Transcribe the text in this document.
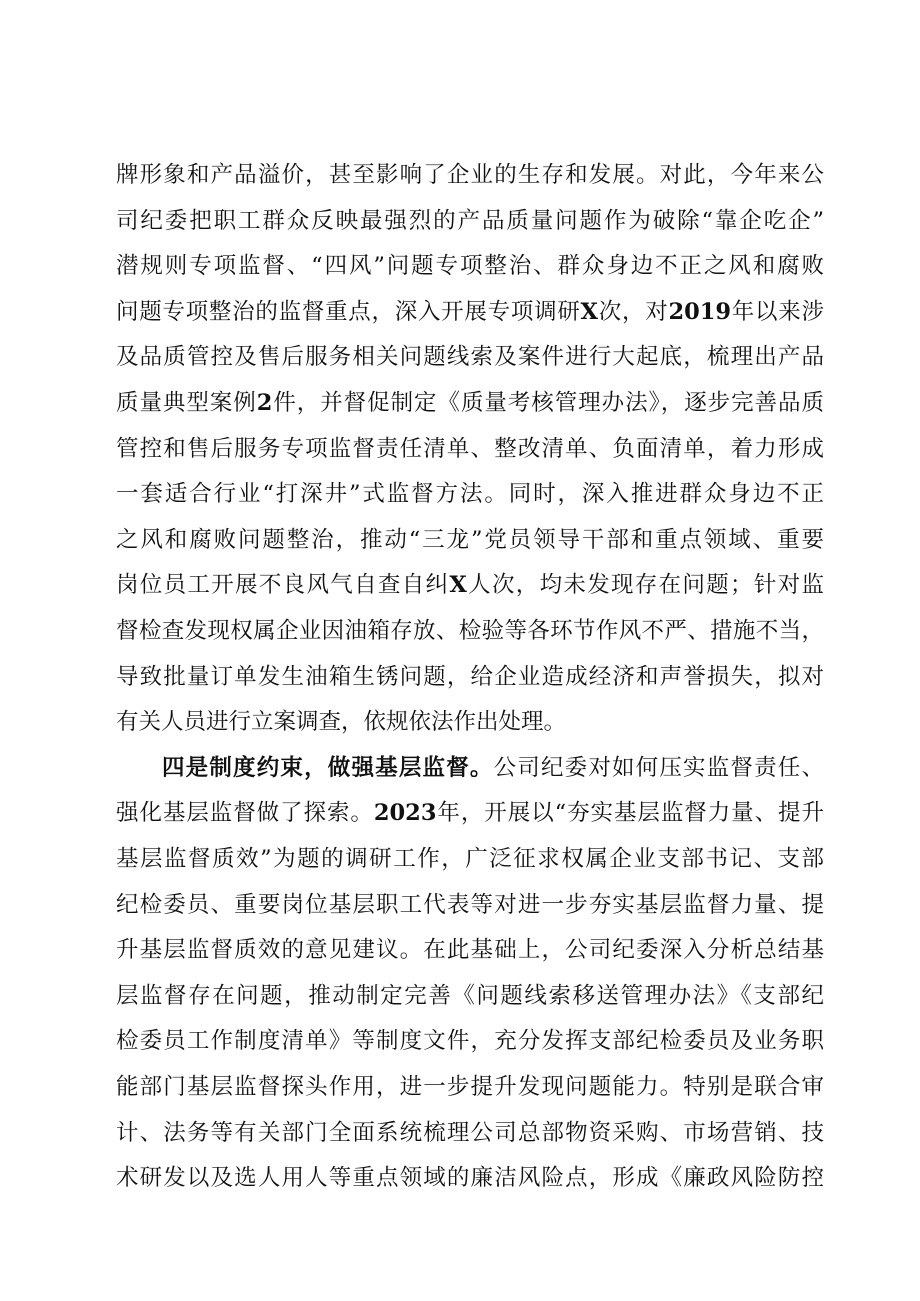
牌形象和产品溢价，甚至影响了企业的生存和发展。对此，今年来公
司纪委把职工群众反映最强烈的产品质量问题作为破除“靠企吃企”
潜规则专项监督、“四风”问题专项整治、群众身边不正之风和腐败
问题专项整治的监督重点，深入开展专项调研X次，对2019年以来涉
及品质管控及售后服务相关问题线索及案件进行大起底，梳理出产品
质量典型案例2件，并督促制定《质量考核管理办法》，逐步完善品质
管控和售后服务专项监督责任清单、整改清单、负面清单，着力形成
一套适合行业“打深井”式监督方法。同时，深入推进群众身边不正
之风和腐败问题整治，推动“三龙”党员领导干部和重点领域、重要
岗位员工开展不良风气自查自纠X人次，均未发现存在问题；针对监
督检查发现权属企业因油箱存放、检验等各环节作风不严、措施不当，
导致批量订单发生油箱生锈问题，给企业造成经济和声誉损失，拟对
有关人员进行立案调查，依规依法作出处理。
四是制度约束，做强基层监督。公司纪委对如何压实监督责任、
强化基层监督做了探索。2023年，开展以“夯实基层监督力量、提升
基层监督质效”为题的调研工作，广泛征求权属企业支部书记、支部
纪检委员、重要岗位基层职工代表等对进一步夯实基层监督力量、提
升基层监督质效的意见建议。在此基础上，公司纪委深入分析总结基
层监督存在问题，推动制定完善《问题线索移送管理办法》《支部纪
检委员工作制度清单》等制度文件，充分发挥支部纪检委员及业务职
能部门基层监督探头作用，进一步提升发现问题能力。特别是联合审
计、法务等有关部门全面系统梳理公司总部物资采购、市场营销、技
术研发以及选人用人等重点领域的廉洁风险点，形成《廉政风险防控
